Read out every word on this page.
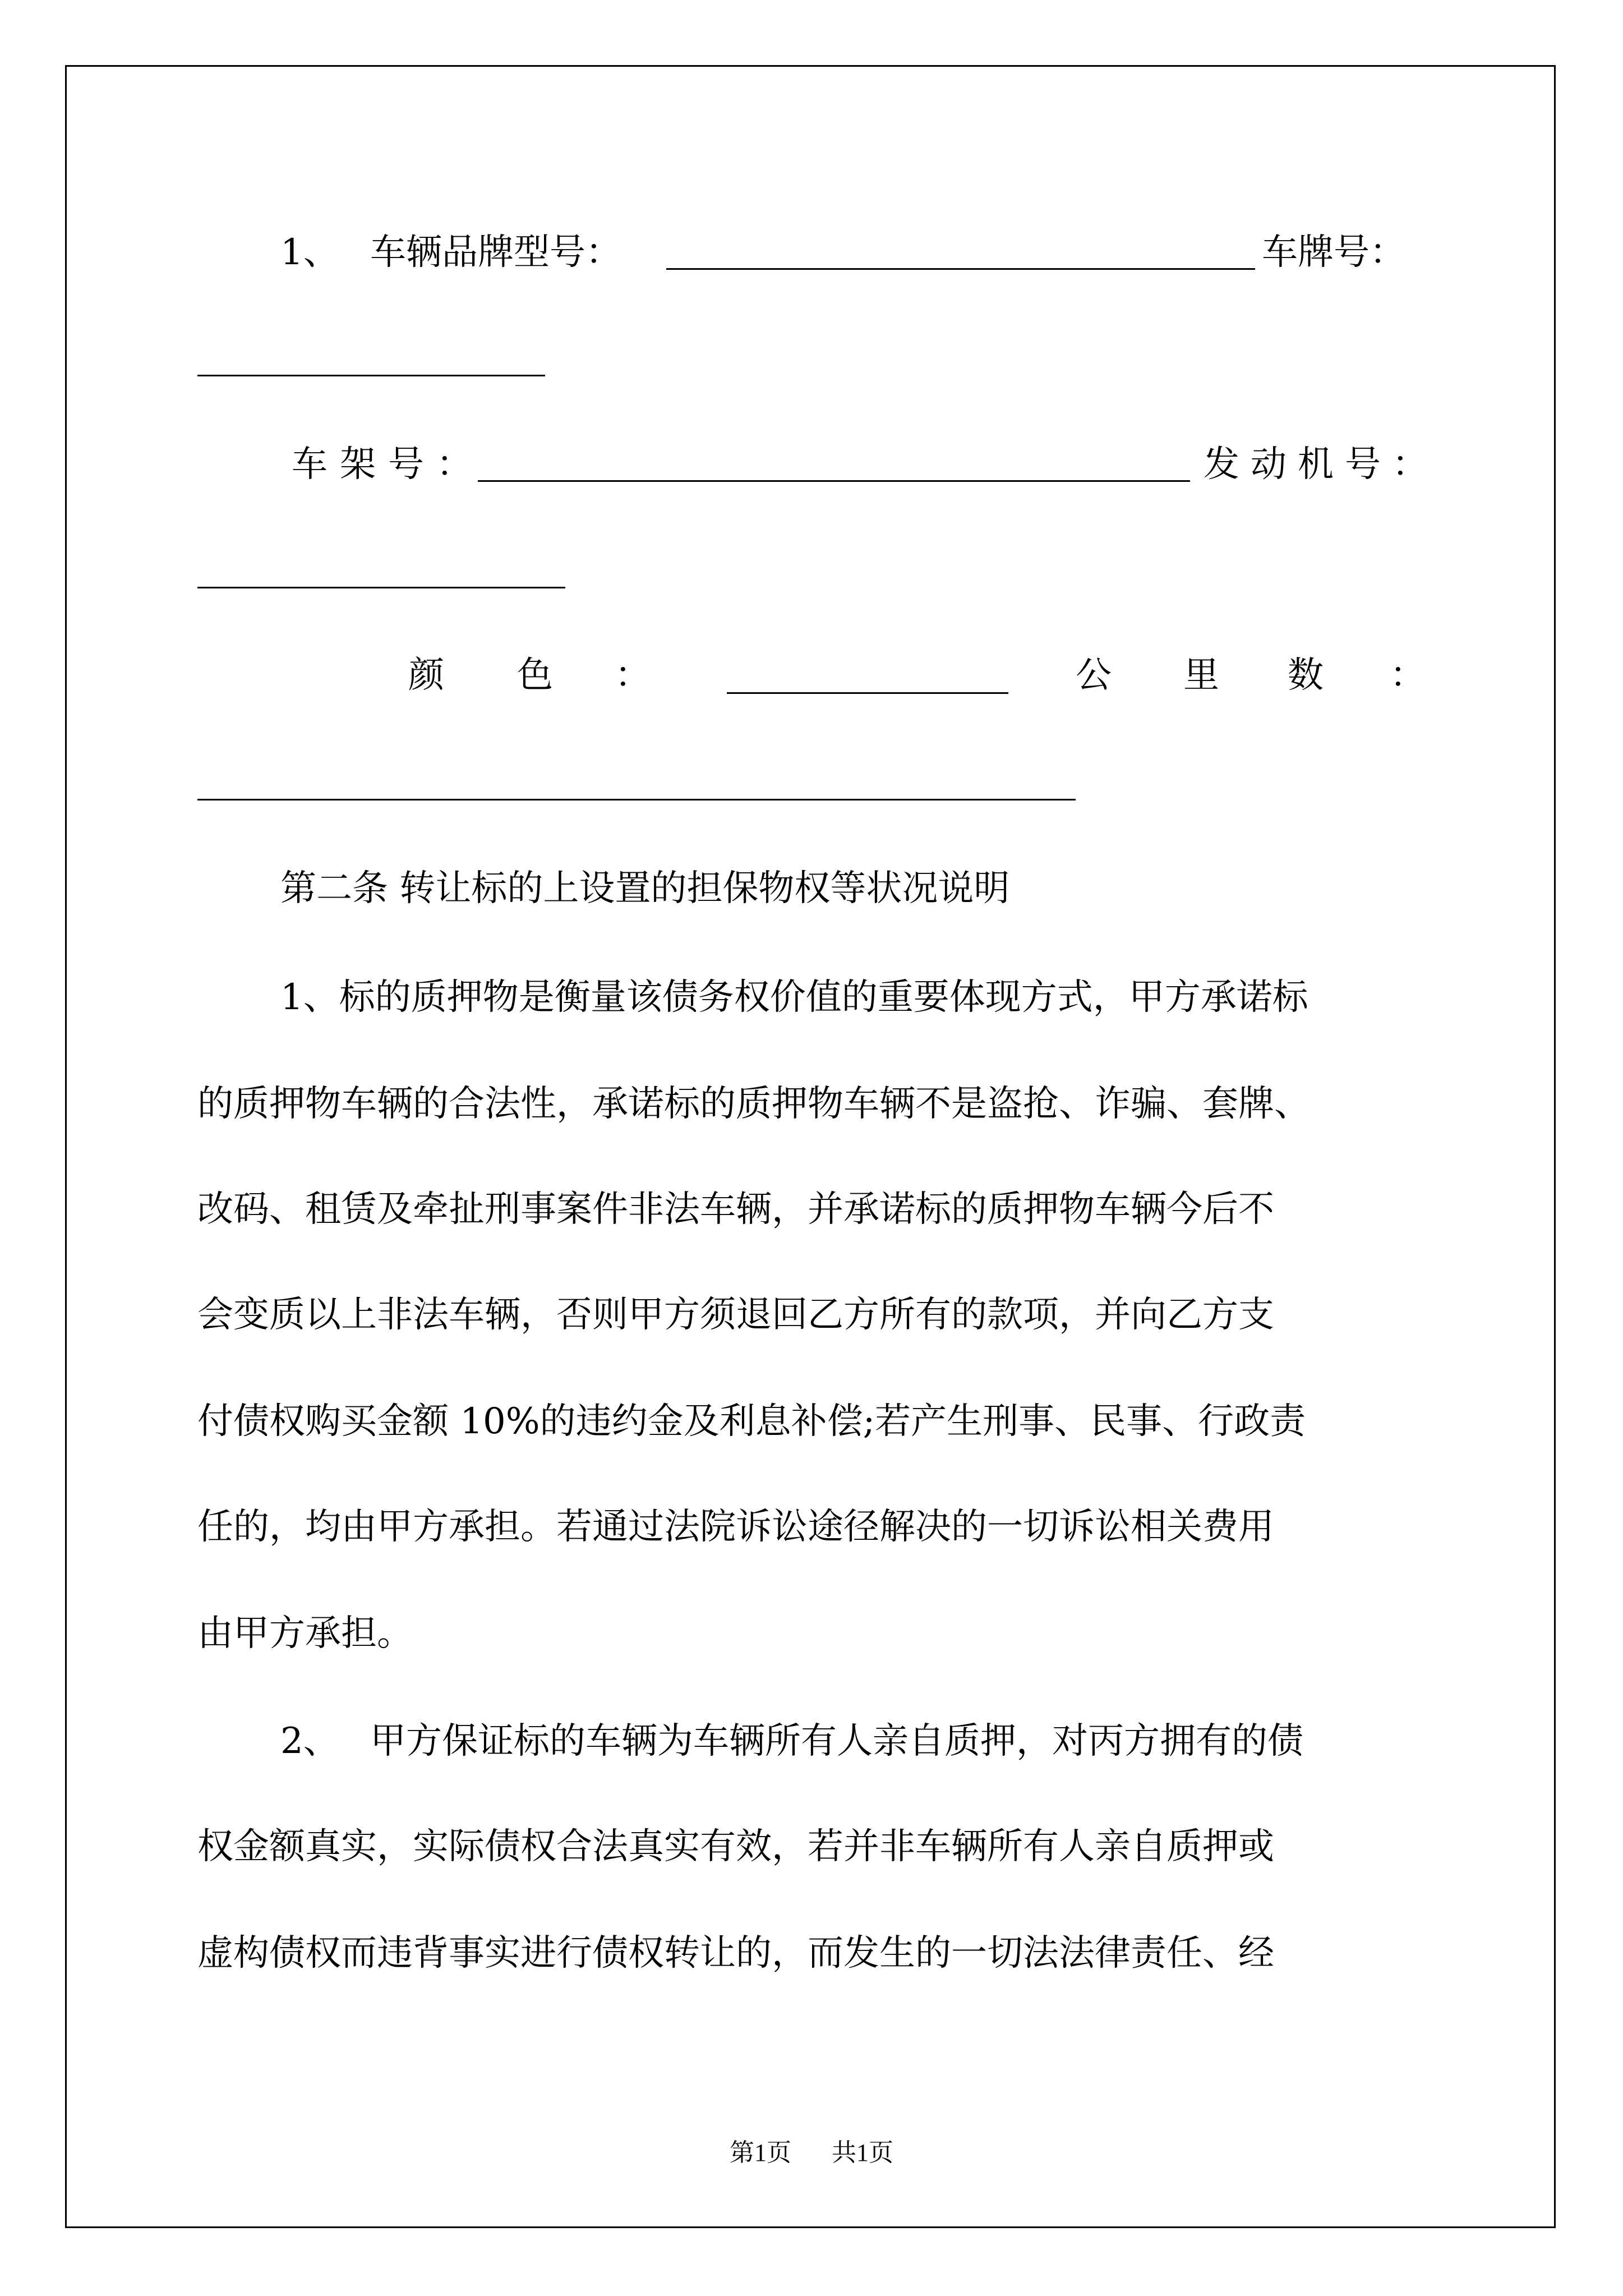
1、 车辆品牌型号：	车牌号：
车架号：	发动机号：
颜 色 ：	公 里 数 ：
第二条 转让标的上设置的担保物权等状况说明
1、标的质押物是衡量该债务权价值的重要体现方式，甲方承诺标
的质押物车辆的合法性，承诺标的质押物车辆不是盗抢、诈骗、套牌、
改码、租赁及牵扯刑事案件非法车辆，并承诺标的质押物车辆今后不
会变质以上非法车辆，否则甲方须退回乙方所有的款项，并向乙方支
付债权购买金额 10%的违约金及利息补偿;若产生刑事、民事、行政责
任的，均由甲方承担。若通过法院诉讼途径解决的一切诉讼相关费用
由甲方承担。
2、 甲方保证标的车辆为车辆所有人亲自质押，对丙方拥有的债
权金额真实，实际债权合法真实有效，若并非车辆所有人亲自质押或
虚构债权而违背事实进行债权转让的，而发生的一切法法律责任、经
第1页 共1页
